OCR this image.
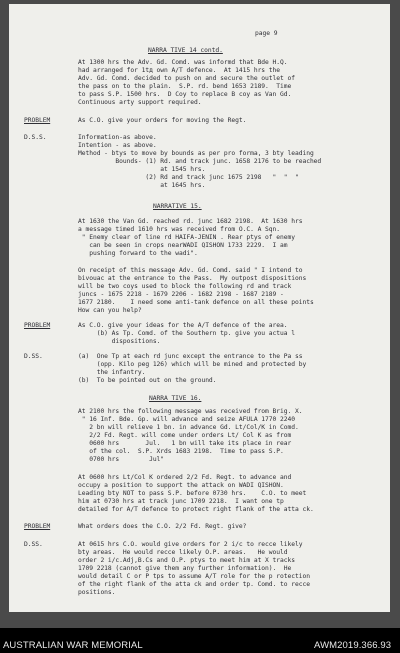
page 9
NARRA TIVE 14 contd.
At 1300 hrs the Adv. Gd. Comd. was informd that Bde H.Q.
had arranged for 1tд own A/T defence.  At 1415 hrs the
Adv. Gd. Comd. decided to push on and secure the outlet of
the pass on to the plain.  S.P. rd. bend 1653 2189.  Time
to pass S.P. 1500 hrs.  D Coy to replace B coy as Van Gd.
Continuous arty support required.
PROBLEM	As C.O. give your orders for moving the Regt.
D.S.S.	Information-as above.
Intention - as above.
Method - btys to move by bounds as per pro forma, 3 bty leading
Bounds- (1) Rd. and track junc. 1658 2176 to be reached
at 1545 hrs.
(2) Rd and track junc 1675 2198   "  "  "
at 1645 hrs.
NARRATIVE 15.
At 1630 the Van Gd. reached rd. junc 1682 2198.  At 1630 hrs
a message timed 1610 hrs was received from O.C. A Sqn.
" Enemy clear of line rd HAIFA-JENIN . Rear ptys of enemy
can be seen in crops nearWADI QISHON 1733 2229.  I am
pushing forward to the wadi".
On receipt of this message Adv. Gd. Comd. said " I intend to
bivouac at the entrance to the Pass.  My outpost dispositions
will be two coys used to block the following rd and track
juncs - 1675 2218 - 1679 2206 - 1682 2198 - 1687 2189 -
1677 2180.    I need some anti-tank defence on all these points
How can you help?
PROBLEM	As C.O. give your ideas for the A/T defence of the area.
(b) As Tp. Comd. of the Southern tp. give you actua l
dispositions.
D.SS.	(a)  One Tp at each rd junc except the entrance to the Pa ss
(opp. Kilo peg 126) which will be mined and protected by
the infantry.
(b)  To be pointed out on the ground.
NARRA TIVE 16.
At 2100 hrs the following message was received from Brig. X.
" 16 Inf. Bde. Gp. will advance and seize AFULA 1770 2240
2 bn will relieve 1 bn. in advance Gd. Lt/Col/K in Comd.
2/2 Fd. Regt. will come under orders Lt/ Col K as from
0600 hrs       Jul.   1 bn will take its place in rear
of the col.  S.P. Xrds 1683 2198.  Time to pass S.P.
0700 hrs        Jul"
At 0600 hrs Lt/Col K ordered 2/2 Fd. Regt. to advance and
occupy a position to support the attack on WADI QISHON.
Leading bty NOT to pass S.P. before 0730 hrs.    C.O. to meet
him at 0730 hrs at track junc 1709 2218.  I want one tp
detailed for A/T defence to protect right flank of the atta ck.
PROBLEM	What orders does the C.O. 2/2 Fd. Regt. give?
D.SS.	At 0615 hrs C.O. would give orders for 2 i/c to recce likely
bty areas.  He would recce likely O.P. areas.   He would
order 2 i/c.Adj,B.Cs and O.P. ptys to meet him at X tracks
1709 2218 (cannot give them any further information).  He
would detail C or P tps to assume A/T role for the p rotection
of the right flank of the atta ck and order tp. Comd. to recce
positions.
AUSTRALIAN WAR MEMORIAL	AWM2019.366.93
